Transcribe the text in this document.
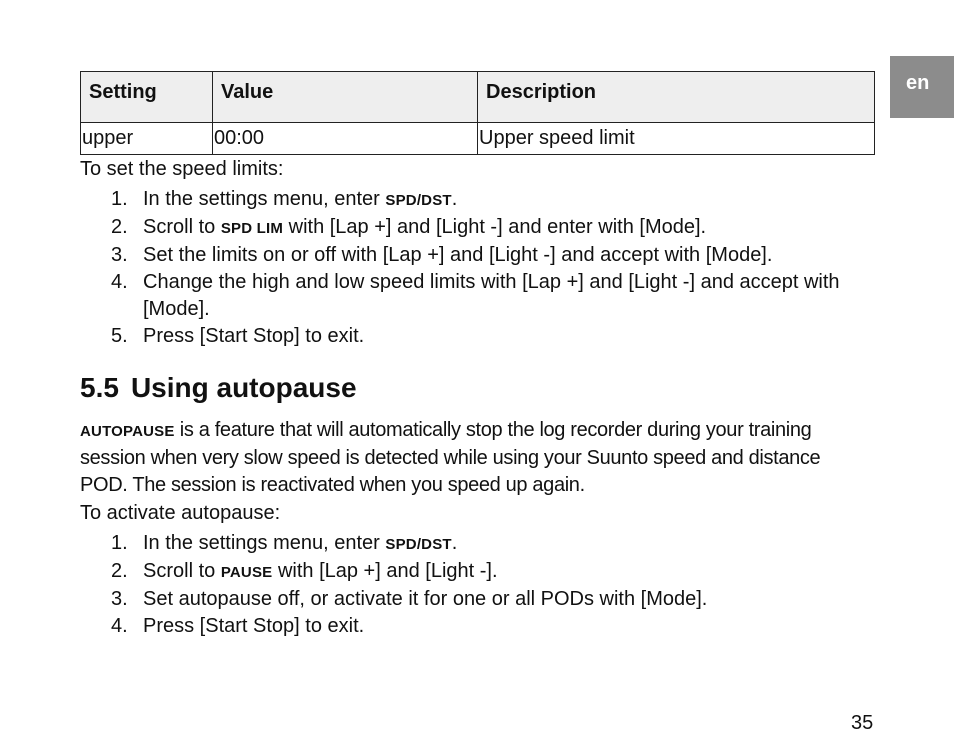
en
Setting	Value	Description
upper	00:00	Upper speed limit

To set the speed limits:

1. In the settings menu, enter SPD/DST.
2. Scroll to SPD LIM with [Lap +] and [Light -] and enter with [Mode].
3. Set the limits on or off with [Lap +] and [Light -] and accept with [Mode].
4. Change the high and low speed limits with [Lap +] and [Light -] and accept with
[Mode].
5. Press [Start Stop] to exit.
5.5 Using autopause

AUTOPAUSE is a feature that will automatically stop the log recorder during your training
session when very slow speed is detected while using your Suunto speed and distance
POD. The session is reactivated when you speed up again.

To activate autopause:

1. In the settings menu, enter SPD/DST.
2. Scroll to PAUSE with [Lap +] and [Light -].
3. Set autopause off, or activate it for one or all PODs with [Mode].
4. Press [Start Stop] to exit.
35
